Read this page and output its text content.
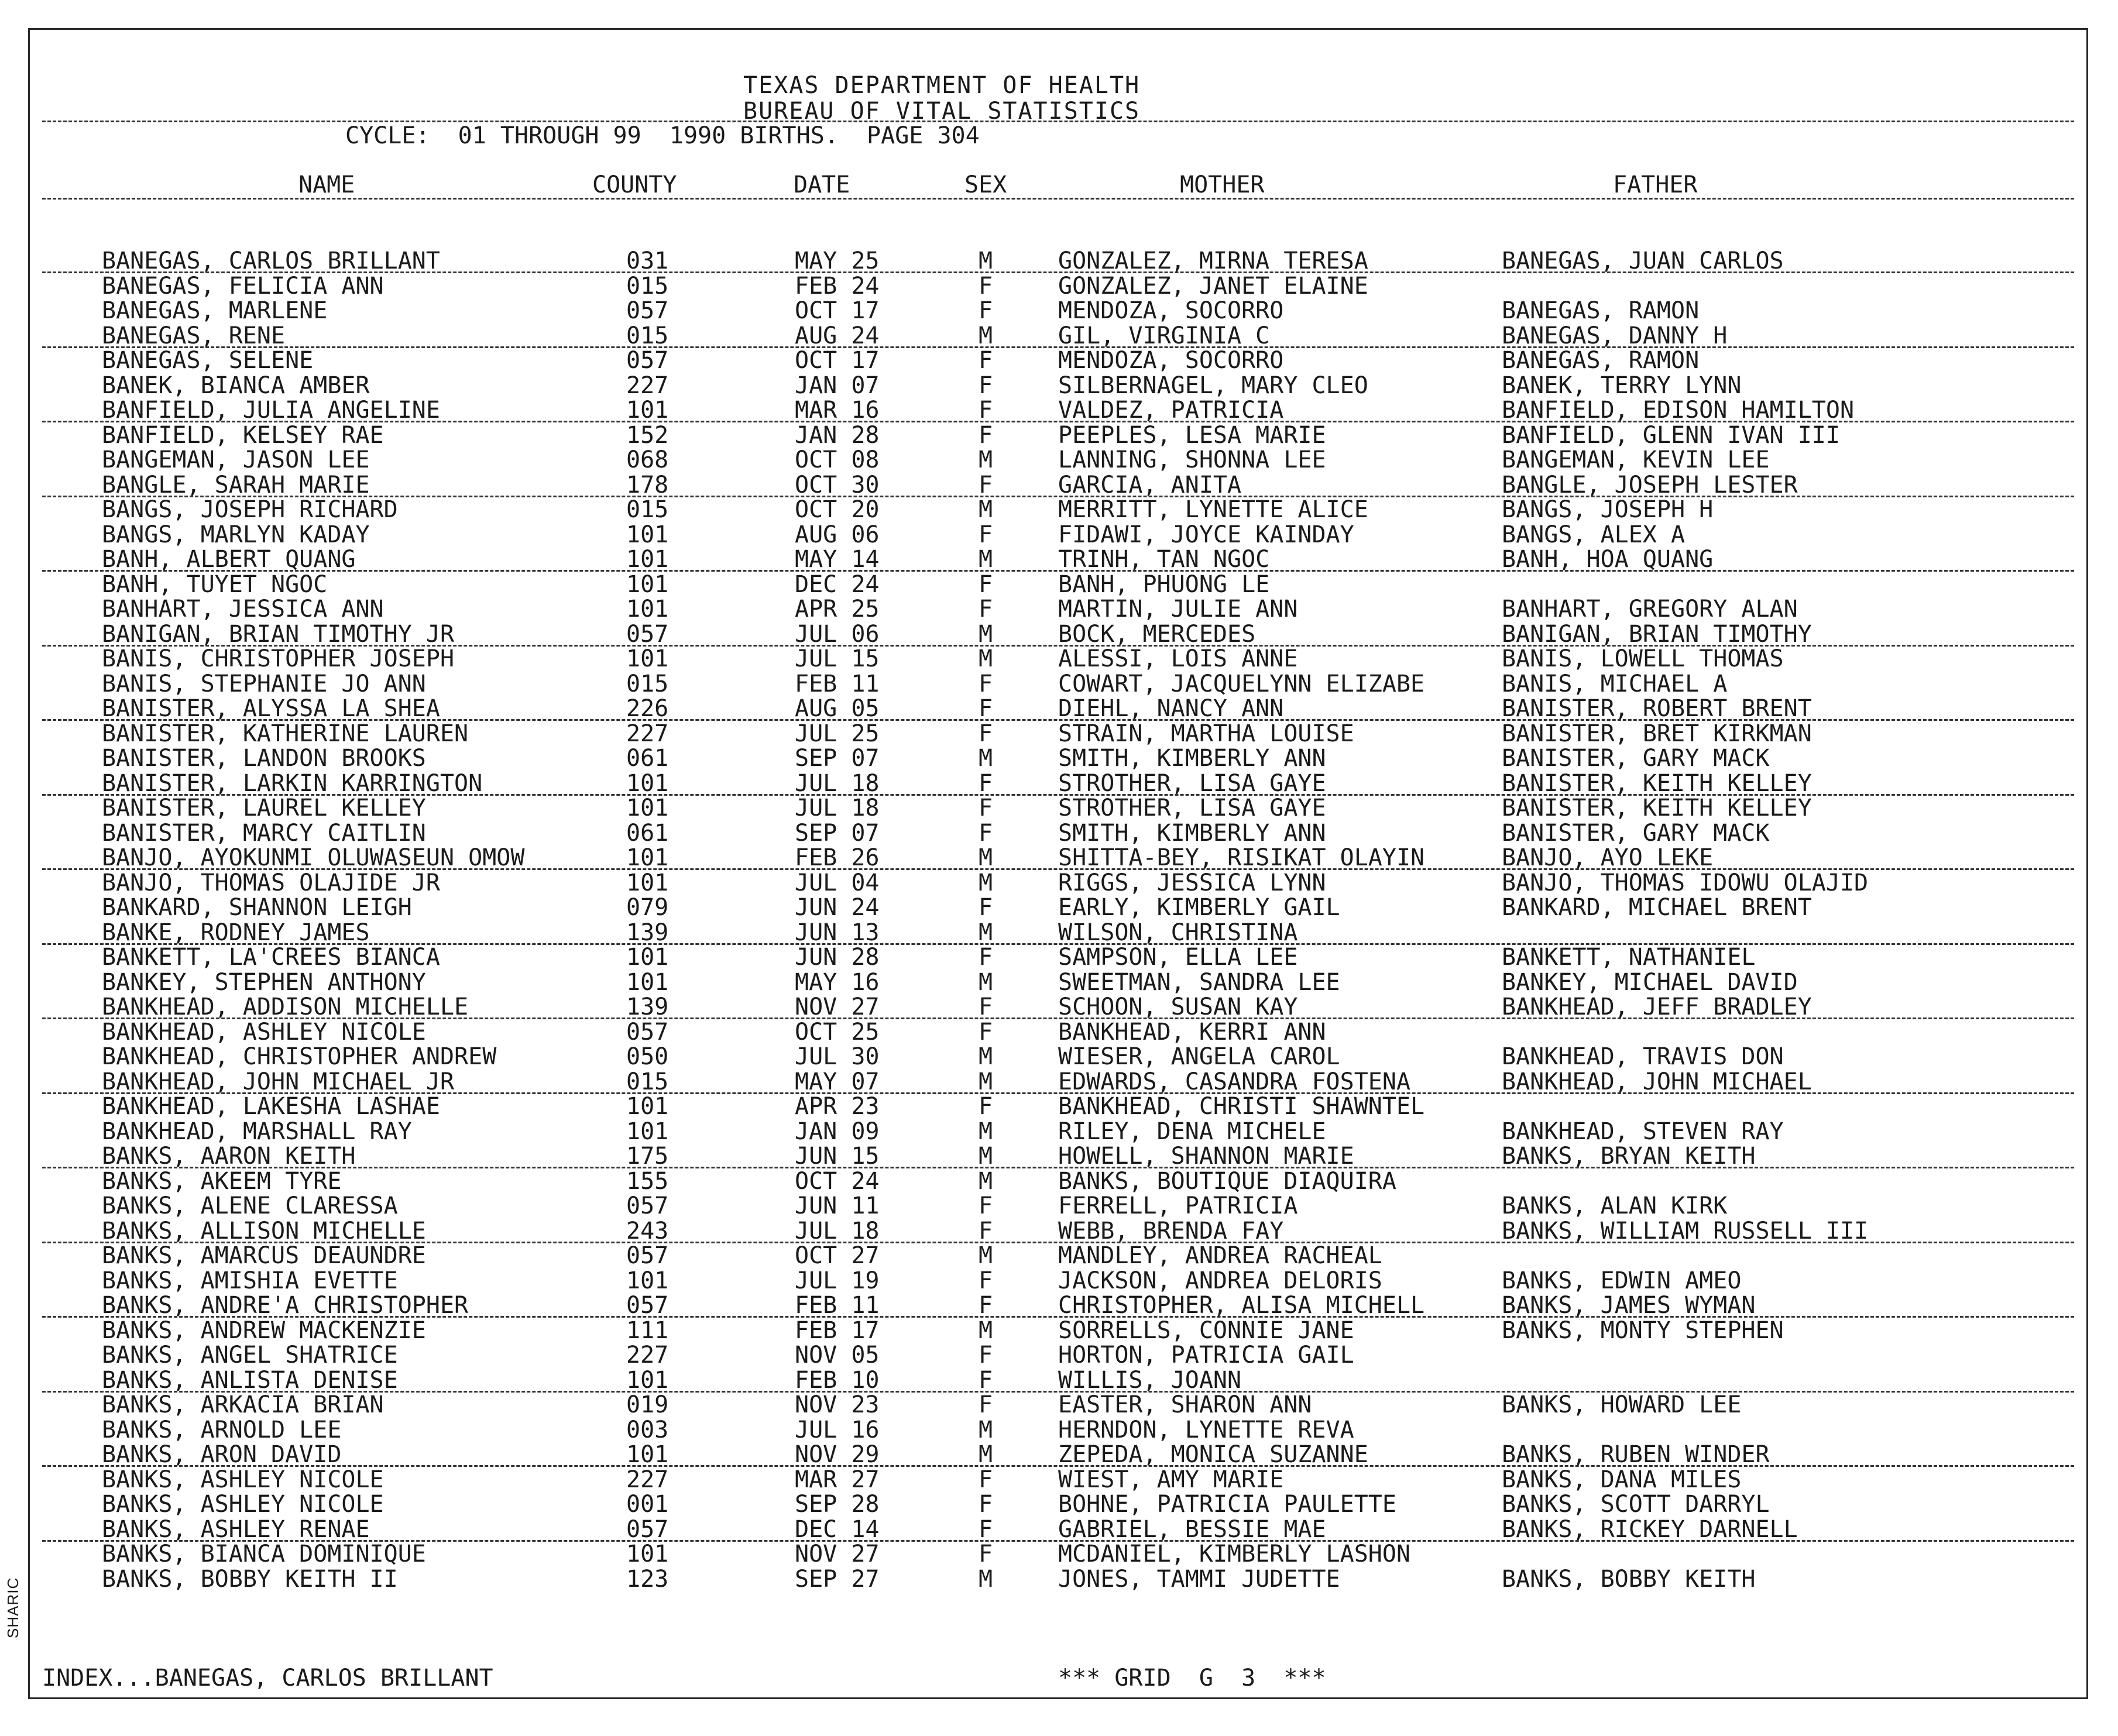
SHARIC
TEXAS DEPARTMENT OF HEALTH
BUREAU OF VITAL STATISTICS
CYCLE:  01 THROUGH 99  1990 BIRTHS.  PAGE 304
NAME	COUNTY	DATE	SEX	MOTHER	FATHER
BANEGAS, CARLOS BRILLANT	031	MAY 25	M	GONZALEZ, MIRNA TERESA	BANEGAS, JUAN CARLOS
BANEGAS, FELICIA ANN	015	FEB 24	F	GONZALEZ, JANET ELAINE
BANEGAS, MARLENE	057	OCT 17	F	MENDOZA, SOCORRO	BANEGAS, RAMON
BANEGAS, RENE	015	AUG 24	M	GIL, VIRGINIA C	BANEGAS, DANNY H
BANEGAS, SELENE	057	OCT 17	F	MENDOZA, SOCORRO	BANEGAS, RAMON
BANEK, BIANCA AMBER	227	JAN 07	F	SILBERNAGEL, MARY CLEO	BANEK, TERRY LYNN
BANFIELD, JULIA ANGELINE	101	MAR 16	F	VALDEZ, PATRICIA	BANFIELD, EDISON HAMILTON
BANFIELD, KELSEY RAE	152	JAN 28	F	PEEPLES, LESA MARIE	BANFIELD, GLENN IVAN III
BANGEMAN, JASON LEE	068	OCT 08	M	LANNING, SHONNA LEE	BANGEMAN, KEVIN LEE
BANGLE, SARAH MARIE	178	OCT 30	F	GARCIA, ANITA	BANGLE, JOSEPH LESTER
BANGS, JOSEPH RICHARD	015	OCT 20	M	MERRITT, LYNETTE ALICE	BANGS, JOSEPH H
BANGS, MARLYN KADAY	101	AUG 06	F	FIDAWI, JOYCE KAINDAY	BANGS, ALEX A
BANH, ALBERT QUANG	101	MAY 14	M	TRINH, TAN NGOC	BANH, HOA QUANG
BANH, TUYET NGOC	101	DEC 24	F	BANH, PHUONG LE
BANHART, JESSICA ANN	101	APR 25	F	MARTIN, JULIE ANN	BANHART, GREGORY ALAN
BANIGAN, BRIAN TIMOTHY JR	057	JUL 06	M	BOCK, MERCEDES	BANIGAN, BRIAN TIMOTHY
BANIS, CHRISTOPHER JOSEPH	101	JUL 15	M	ALESSI, LOIS ANNE	BANIS, LOWELL THOMAS
BANIS, STEPHANIE JO ANN	015	FEB 11	F	COWART, JACQUELYNN ELIZABE	BANIS, MICHAEL A
BANISTER, ALYSSA LA SHEA	226	AUG 05	F	DIEHL, NANCY ANN	BANISTER, ROBERT BRENT
BANISTER, KATHERINE LAUREN	227	JUL 25	F	STRAIN, MARTHA LOUISE	BANISTER, BRET KIRKMAN
BANISTER, LANDON BROOKS	061	SEP 07	M	SMITH, KIMBERLY ANN	BANISTER, GARY MACK
BANISTER, LARKIN KARRINGTON	101	JUL 18	F	STROTHER, LISA GAYE	BANISTER, KEITH KELLEY
BANISTER, LAUREL KELLEY	101	JUL 18	F	STROTHER, LISA GAYE	BANISTER, KEITH KELLEY
BANISTER, MARCY CAITLIN	061	SEP 07	F	SMITH, KIMBERLY ANN	BANISTER, GARY MACK
BANJO, AYOKUNMI OLUWASEUN OMOW	101	FEB 26	M	SHITTA-BEY, RISIKAT OLAYIN	BANJO, AYO LEKE
BANJO, THOMAS OLAJIDE JR	101	JUL 04	M	RIGGS, JESSICA LYNN	BANJO, THOMAS IDOWU OLAJID
BANKARD, SHANNON LEIGH	079	JUN 24	F	EARLY, KIMBERLY GAIL	BANKARD, MICHAEL BRENT
BANKE, RODNEY JAMES	139	JUN 13	M	WILSON, CHRISTINA
BANKETT, LA'CREES BIANCA	101	JUN 28	F	SAMPSON, ELLA LEE	BANKETT, NATHANIEL
BANKEY, STEPHEN ANTHONY	101	MAY 16	M	SWEETMAN, SANDRA LEE	BANKEY, MICHAEL DAVID
BANKHEAD, ADDISON MICHELLE	139	NOV 27	F	SCHOON, SUSAN KAY	BANKHEAD, JEFF BRADLEY
BANKHEAD, ASHLEY NICOLE	057	OCT 25	F	BANKHEAD, KERRI ANN
BANKHEAD, CHRISTOPHER ANDREW	050	JUL 30	M	WIESER, ANGELA CAROL	BANKHEAD, TRAVIS DON
BANKHEAD, JOHN MICHAEL JR	015	MAY 07	M	EDWARDS, CASANDRA FOSTENA	BANKHEAD, JOHN MICHAEL
BANKHEAD, LAKESHA LASHAE	101	APR 23	F	BANKHEAD, CHRISTI SHAWNTEL
BANKHEAD, MARSHALL RAY	101	JAN 09	M	RILEY, DENA MICHELE	BANKHEAD, STEVEN RAY
BANKS, AARON KEITH	175	JUN 15	M	HOWELL, SHANNON MARIE	BANKS, BRYAN KEITH
BANKS, AKEEM TYRE	155	OCT 24	M	BANKS, BOUTIQUE DIAQUIRA
BANKS, ALENE CLARESSA	057	JUN 11	F	FERRELL, PATRICIA	BANKS, ALAN KIRK
BANKS, ALLISON MICHELLE	243	JUL 18	F	WEBB, BRENDA FAY	BANKS, WILLIAM RUSSELL III
BANKS, AMARCUS DEAUNDRE	057	OCT 27	M	MANDLEY, ANDREA RACHEAL
BANKS, AMISHIA EVETTE	101	JUL 19	F	JACKSON, ANDREA DELORIS	BANKS, EDWIN AMEO
BANKS, ANDRE'A CHRISTOPHER	057	FEB 11	F	CHRISTOPHER, ALISA MICHELL	BANKS, JAMES WYMAN
BANKS, ANDREW MACKENZIE	111	FEB 17	M	SORRELLS, CONNIE JANE	BANKS, MONTY STEPHEN
BANKS, ANGEL SHATRICE	227	NOV 05	F	HORTON, PATRICIA GAIL
BANKS, ANLISTA DENISE	101	FEB 10	F	WILLIS, JOANN
BANKS, ARKACIA BRIAN	019	NOV 23	F	EASTER, SHARON ANN	BANKS, HOWARD LEE
BANKS, ARNOLD LEE	003	JUL 16	M	HERNDON, LYNETTE REVA
BANKS, ARON DAVID	101	NOV 29	M	ZEPEDA, MONICA SUZANNE	BANKS, RUBEN WINDER
BANKS, ASHLEY NICOLE	227	MAR 27	F	WIEST, AMY MARIE	BANKS, DANA MILES
BANKS, ASHLEY NICOLE	001	SEP 28	F	BOHNE, PATRICIA PAULETTE	BANKS, SCOTT DARRYL
BANKS, ASHLEY RENAE	057	DEC 14	F	GABRIEL, BESSIE MAE	BANKS, RICKEY DARNELL
BANKS, BIANCA DOMINIQUE	101	NOV 27	F	MCDANIEL, KIMBERLY LASHON
BANKS, BOBBY KEITH II	123	SEP 27	M	JONES, TAMMI JUDETTE	BANKS, BOBBY KEITH
INDEX...BANEGAS, CARLOS BRILLANT	*** GRID  G  3  ***
